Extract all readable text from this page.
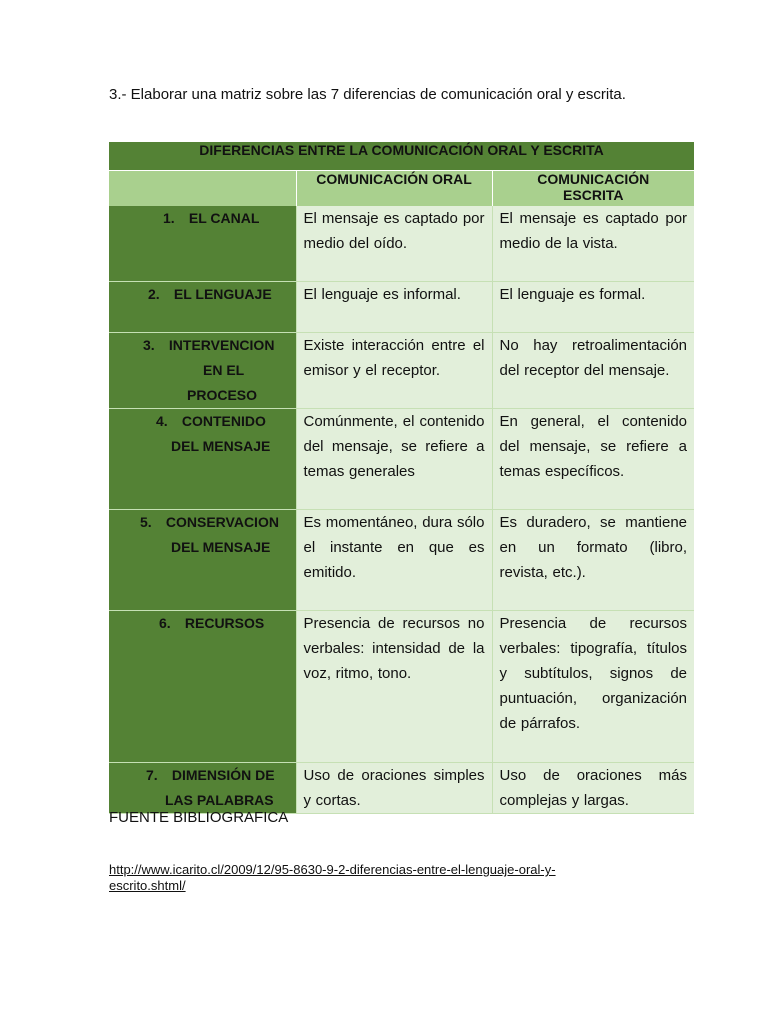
3.- Elaborar una matriz sobre las 7 diferencias de comunicación oral y escrita.
DIFERENCIAS ENTRE LA COMUNICACIÓN ORAL Y ESCRITA		

	COMUNICACIÓN ORAL	COMUNICACIÓN
ESCRITA

1. EL CANAL	El mensaje es captado por medio del oído.	El mensaje es captado por medio de la vista.

2. EL LENGUAJE	El lenguaje es informal.	El lenguaje es formal.

3. INTERVENCION
EN EL
PROCESO	Existe interacción entre el emisor y el receptor.	No hay retroalimentación del receptor del mensaje.

4. CONTENIDO
DEL MENSAJE	Comúnmente, el contenido del mensaje, se refiere a temas generales	En general, el contenido del mensaje, se refiere a temas específicos.

5. CONSERVACION
DEL MENSAJE	Es momentáneo, dura sólo el instante en que es emitido.	Es duradero, se mantiene en un formato (libro, revista, etc.).

6. RECURSOS	Presencia de recursos no verbales: intensidad de la voz, ritmo, tono.	Presencia de recursos verbales: tipografía, títulos y subtítulos, signos de puntuación, organización de párrafos.

7. DIMENSIÓN DE
LAS PALABRAS	Uso de oraciones simples y cortas.	Uso de oraciones más complejas y largas.
FUENTE BIBLIOGRAFICA
http://www.icarito.cl/2009/12/95-8630-9-2-diferencias-entre-el-lenguaje-oral-y-escrito.shtml/
